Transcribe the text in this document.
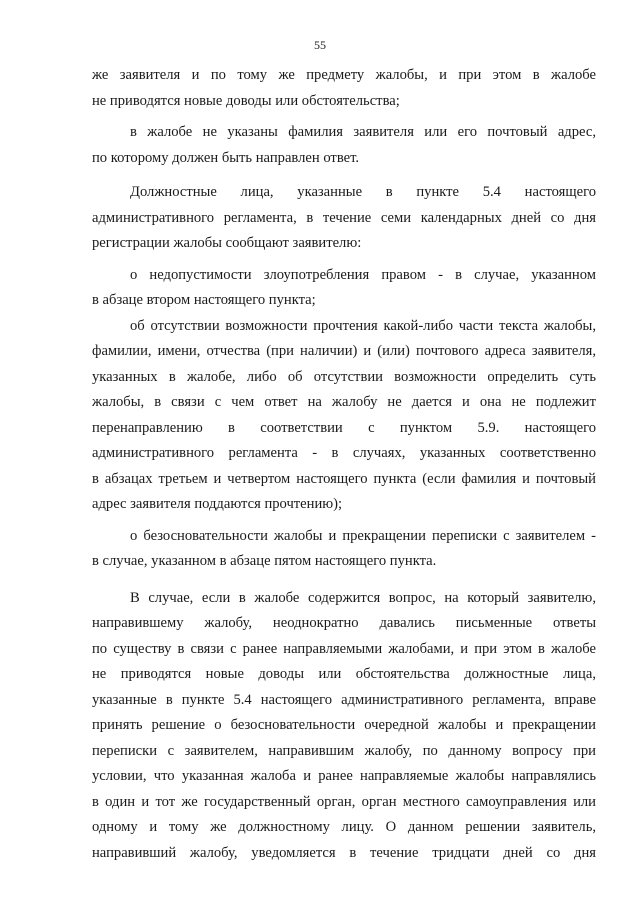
55
же заявителя и по тому же предмету жалобы, и при этом в жалобе
не приводятся новые доводы или обстоятельства;
в жалобе не указаны фамилия заявителя или его почтовый адрес,
по которому должен быть направлен ответ.
Должностные лица, указанные в пункте 5.4 настоящего
административного регламента, в течение семи календарных дней со дня
регистрации жалобы сообщают заявителю:
о недопустимости злоупотребления правом - в случае, указанном
в абзаце втором настоящего пункта;
об отсутствии возможности прочтения какой-либо части текста жалобы,
фамилии, имени, отчества (при наличии) и (или) почтового адреса заявителя,
указанных в жалобе, либо об отсутствии возможности определить суть
жалобы, в связи с чем ответ на жалобу не дается и она не подлежит
перенаправлению в соответствии с пунктом 5.9. настоящего
административного регламента - в случаях, указанных соответственно
в абзацах третьем и четвертом настоящего пункта (если фамилия и почтовый
адрес заявителя поддаются прочтению);
о безосновательности жалобы и прекращении переписки с заявителем -
в случае, указанном в абзаце пятом настоящего пункта.
В случае, если в жалобе содержится вопрос, на который заявителю,
направившему жалобу, неоднократно давались письменные ответы
по существу в связи с ранее направляемыми жалобами, и при этом в жалобе
не приводятся новые доводы или обстоятельства должностные лица,
указанные в пункте 5.4 настоящего административного регламента, вправе
принять решение о безосновательности очередной жалобы и прекращении
переписки с заявителем, направившим жалобу, по данному вопросу при
условии, что указанная жалоба и ранее направляемые жалобы направлялись
в один и тот же государственный орган, орган местного самоуправления или
одному и тому же должностному лицу. О данном решении заявитель,
направивший жалобу, уведомляется в течение тридцати дней со дня
